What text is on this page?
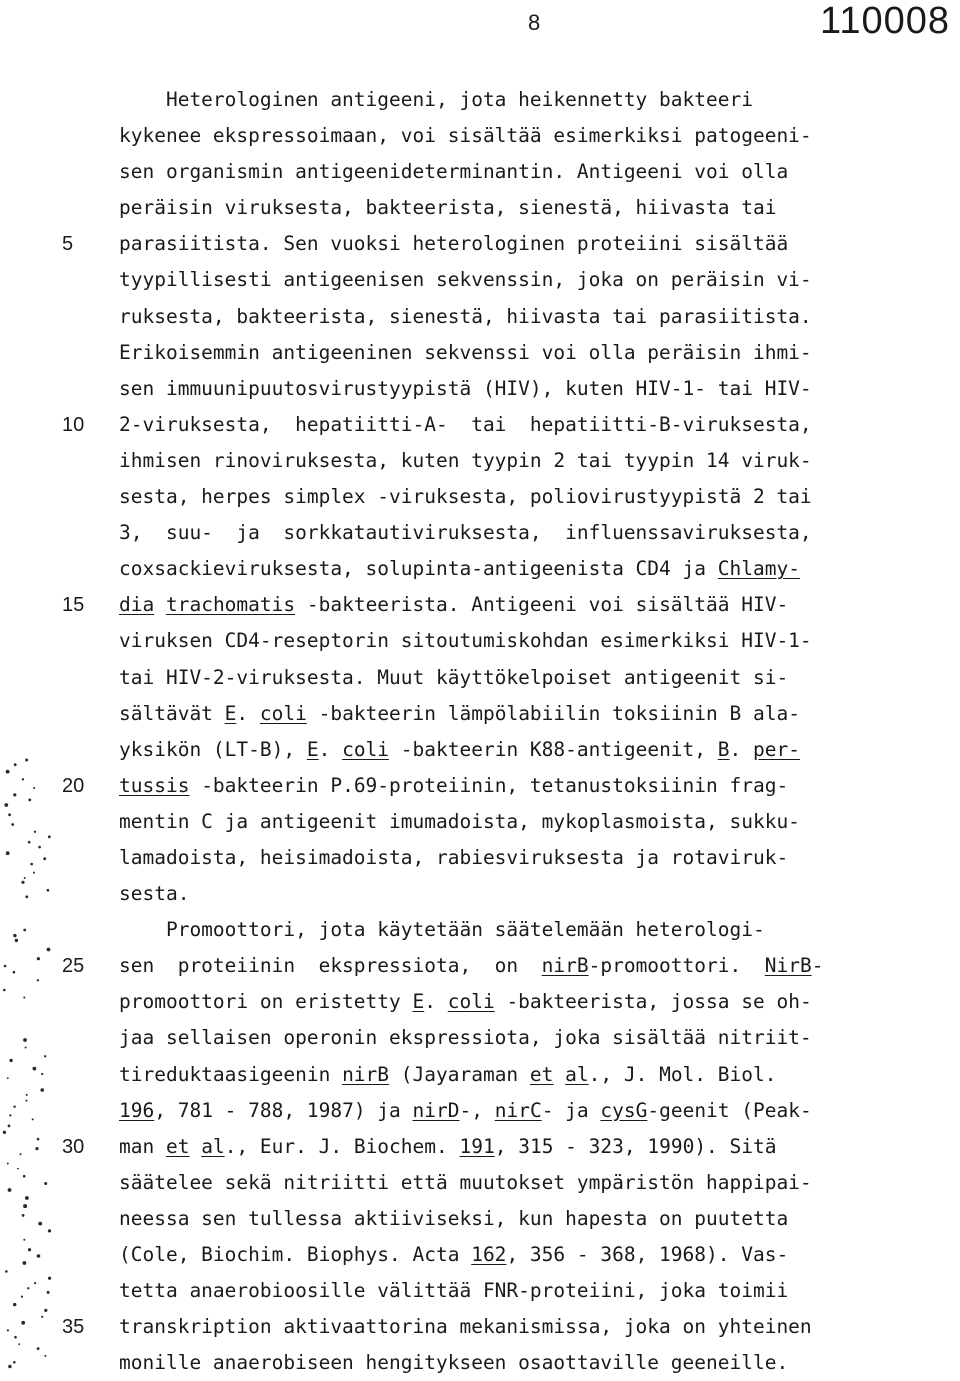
8	110008
5
10
15
20
25
30
35
Heterologinen antigeeni, jota heikennetty bakteeri
kykenee ekspressoimaan, voi sisältää esimerkiksi patogeeni-
sen organismin antigeenideterminantin. Antigeeni voi olla
peräisin viruksesta, bakteerista, sienestä, hiivasta tai
parasiitista. Sen vuoksi heterologinen proteiini sisältää
tyypillisesti antigeenisen sekvenssin, joka on peräisin vi-
ruksesta, bakteerista, sienestä, hiivasta tai parasiitista.
Erikoisemmin antigeeninen sekvenssi voi olla peräisin ihmi-
sen immuunipuutosvirustyypistä (HIV), kuten HIV-1- tai HIV-
2-viruksesta,  hepatiitti-A-  tai  hepatiitti-B-viruksesta,
ihmisen rinoviruksesta, kuten tyypin 2 tai tyypin 14 viruk-
sesta, herpes simplex -viruksesta, poliovirustyypistä 2 tai
3,  suu-  ja  sorkkatautiviruksesta,  influenssaviruksesta,
coxsackieviruksesta, solupinta-antigeenista CD4 ja Chlamy-
dia trachomatis -bakteerista. Antigeeni voi sisältää HIV-
viruksen CD4-reseptorin sitoutumiskohdan esimerkiksi HIV-1-
tai HIV-2-viruksesta. Muut käyttökelpoiset antigeenit si-
sältävät E. coli -bakteerin lämpölabiilin toksiinin B ala-
yksikön (LT-B), E. coli -bakteerin K88-antigeenit, B. per-
tussis -bakteerin P.69-proteiinin, tetanustoksiinin frag-
mentin C ja antigeenit imumadoista, mykoplasmoista, sukku-
lamadoista, heisimadoista, rabiesviruksesta ja rotaviruk-
sesta.
Promoottori, jota käytetään säätelemään heterologi-
sen  proteiinin  ekspressiota,  on  nirB-promoottori.  NirB-
promoottori on eristetty E. coli -bakteerista, jossa se oh-
jaa sellaisen operonin ekspressiota, joka sisältää nitriit-
tireduktaasigeenin nirB (Jayaraman et al., J. Mol. Biol.
196, 781 - 788, 1987) ja nirD-, nirC- ja cysG-geenit (Peak-
man et al., Eur. J. Biochem. 191, 315 - 323, 1990). Sitä
säätelee sekä nitriitti että muutokset ympäristön happipai-
neessa sen tullessa aktiiviseksi, kun hapesta on puutetta
(Cole, Biochim. Biophys. Acta 162, 356 - 368, 1968). Vas-
tetta anaerobioosille välittää FNR-proteiini, joka toimii
transkription aktivaattorina mekanismissa, joka on yhteinen
monille anaerobiseen hengitykseen osaottaville geeneille.
